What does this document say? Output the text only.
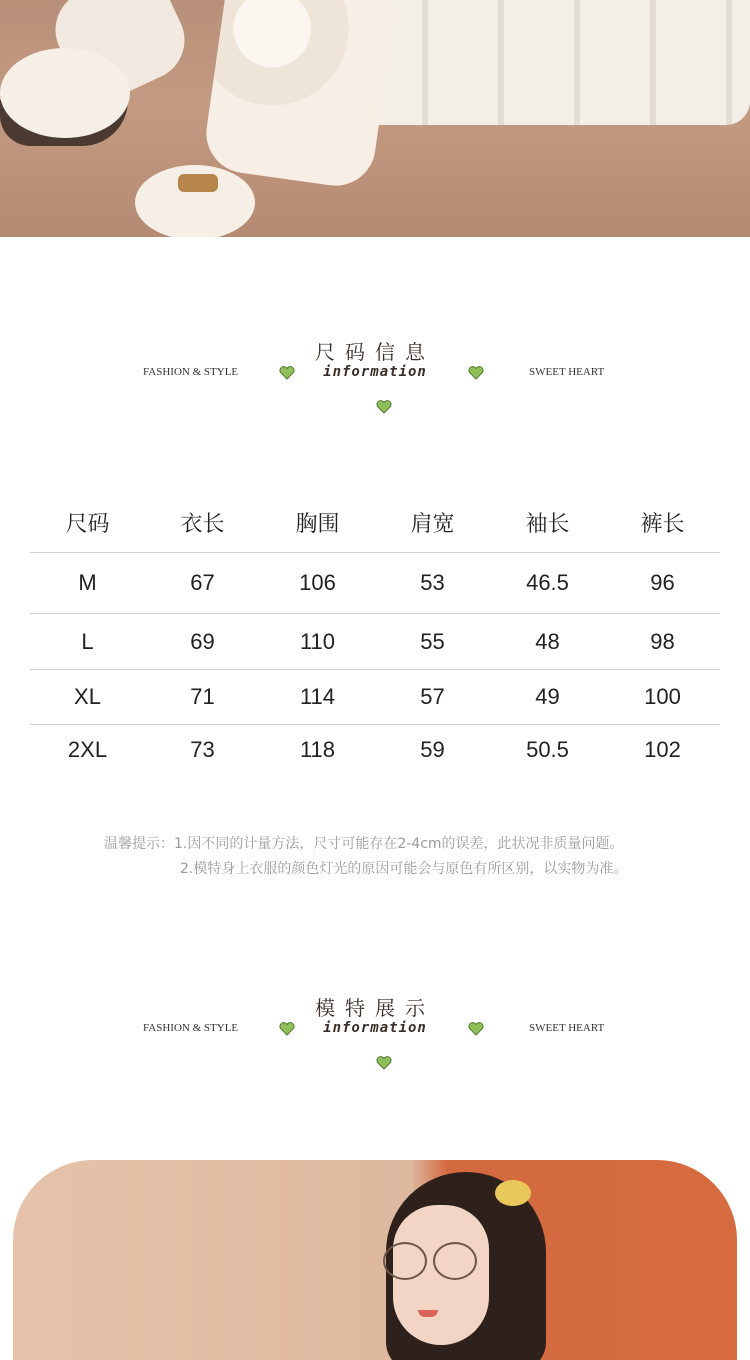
尺码信息
FASHION & STYLE	SWEET HEART
information
尺码	衣长	胸围	肩宽	袖长	裤长
M	67	106	53	46.5	96
L	69	110	55	48	98
XL	71	114	57	49	100
2XL	73	118	59	50.5	102
温馨提示：1.因不同的计量方法，尺寸可能存在2-4cm的误差，此状况非质量问题。
2.模特身上衣服的颜色灯光的原因可能会与原色有所区别，以实物为准。
模特展示
FASHION & STYLE	SWEET HEART
information
